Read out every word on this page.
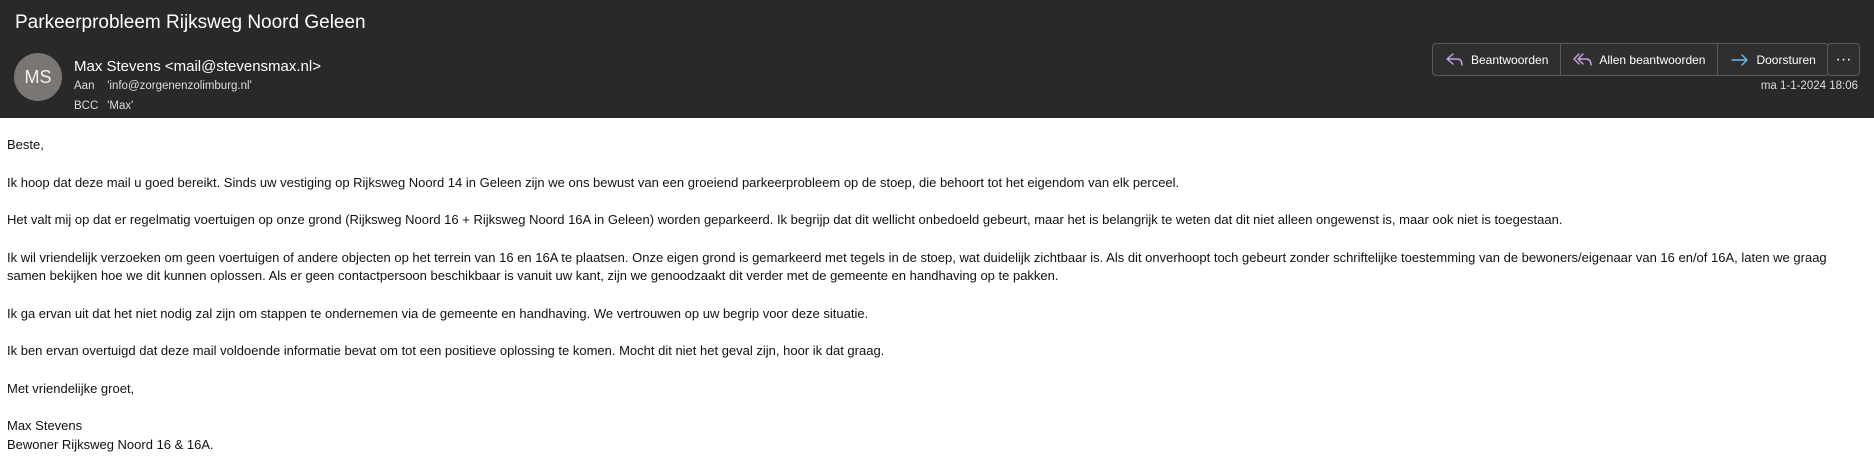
Parkeerprobleem Rijksweg Noord Geleen
MS Max Stevens <mail@stevensmax.nl>
Aan 'info@zorgenenzolimburg.nl'
BCC 'Max'
Beantwoorden	Allen beantwoorden	Doorsturen ···
ma 1-1-2024 18:06

Beste,

Ik hoop dat deze mail u goed bereikt. Sinds uw vestiging op Rijksweg Noord 14 in Geleen zijn we ons bewust van een groeiend parkeerprobleem op de stoep, die behoort tot het eigendom van elk perceel.

Het valt mij op dat er regelmatig voertuigen op onze grond (Rijksweg Noord 16 + Rijksweg Noord 16A in Geleen) worden geparkeerd. Ik begrijp dat dit wellicht onbedoeld gebeurt, maar het is belangrijk te weten dat dit niet alleen ongewenst is, maar ook niet is toegestaan.

Ik wil vriendelijk verzoeken om geen voertuigen of andere objecten op het terrein van 16 en 16A te plaatsen. Onze eigen grond is gemarkeerd met tegels in de stoep, wat duidelijk zichtbaar is. Als dit onverhoopt toch gebeurt zonder schriftelijke toestemming van de bewoners/eigenaar van 16 en/of 16A, laten we graag samen bekijken hoe we dit kunnen oplossen. Als er geen contactpersoon beschikbaar is vanuit uw kant, zijn we genoodzaakt dit verder met de gemeente en handhaving op te pakken.

Ik ga ervan uit dat het niet nodig zal zijn om stappen te ondernemen via de gemeente en handhaving. We vertrouwen op uw begrip voor deze situatie.

Ik ben ervan overtuigd dat deze mail voldoende informatie bevat om tot een positieve oplossing te komen. Mocht dit niet het geval zijn, hoor ik dat graag.

Met vriendelijke groet,

Max Stevens

Bewoner Rijksweg Noord 16 & 16A.
